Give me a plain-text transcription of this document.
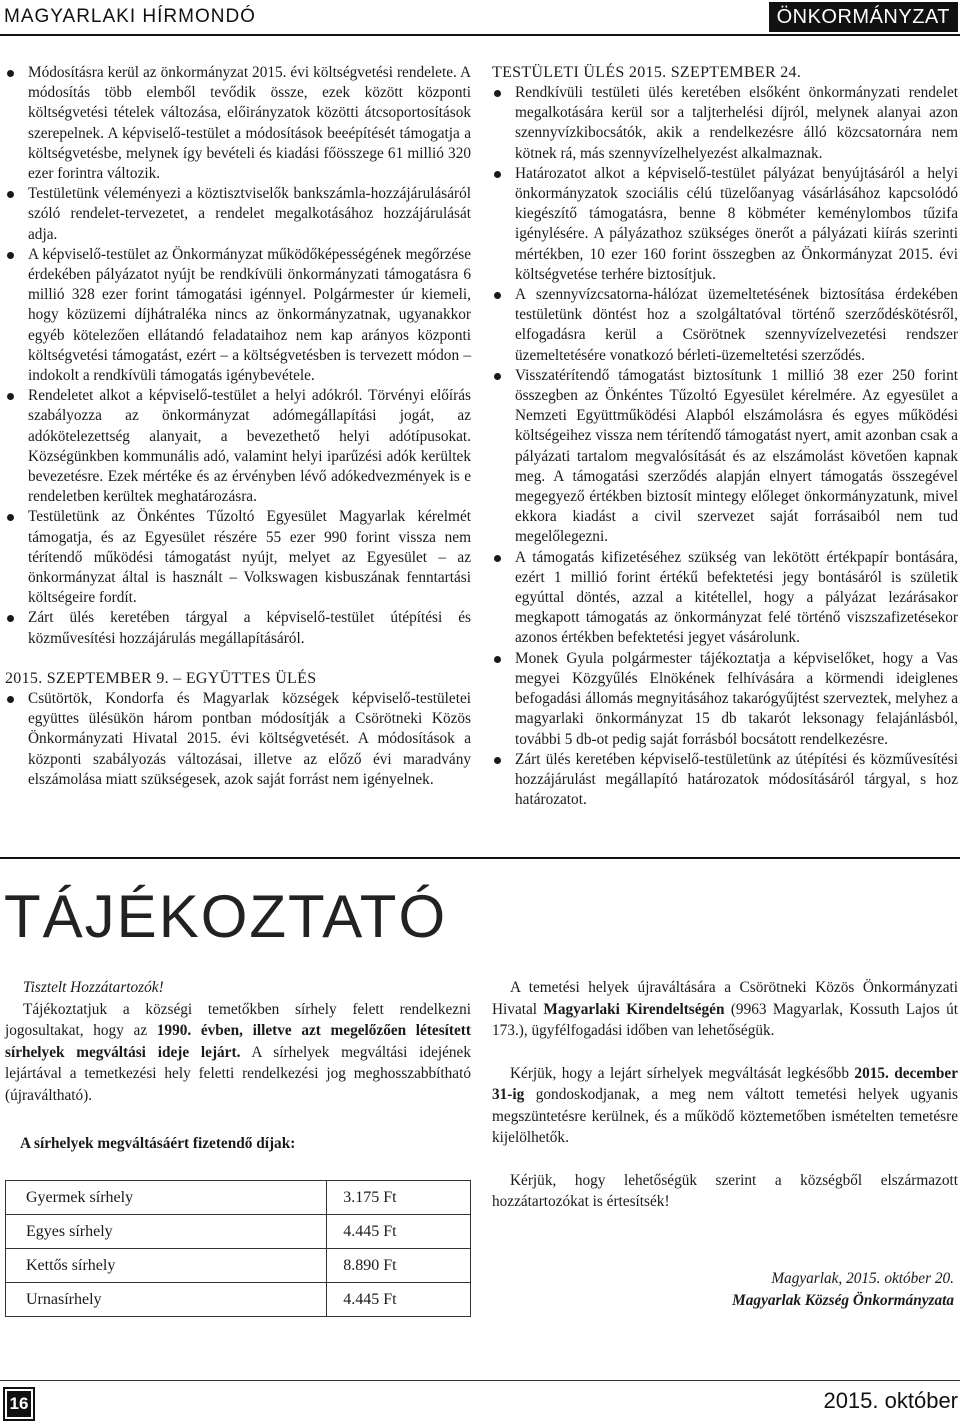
MAGYARLAKI HÍRMONDÓ	ÖNKORMÁNYZAT
Módosításra kerül az önkormányzat 2015. évi költségvetési rendelete. A módosítás több elemből tevődik össze, ezek között központi költségvetési tételek változása, előirányzatok közötti átcsoportosítások szerepelnek. A képviselő-testület a módosítások beeépítését támogatja a költségvetésbe, melynek így bevételi és kiadási főösszege 61 millió 320 ezer forintra változik.
Testületünk véleményezi a köztisztviselők bankszámla-hozzájárulásáról szóló rendelet-tervezetet, a rendelet megalkotásához hozzájárulását adja.
A képviselő-testület az Önkormányzat működőképességének megőrzése érdekében pályázatot nyújt be rendkívüli önkormányzati támogatásra 6 millió 328 ezer forint támogatási igénnyel. Polgármester úr kiemeli, hogy közüzemi díjhátraléka nincs az önkormányzatnak, ugyanakkor egyéb kötelezően ellátandó feladataihoz nem kap arányos központi költségvetési támogatást, ezért – a költségvetésben is tervezett módon – indokolt a rendkívüli támogatás igénybevétele.
Rendeletet alkot a képviselő-testület a helyi adókról. Törvényi előírás szabályozza az önkormányzat adómegállapítási jogát, az adókötelezettség alanyait, a bevezethető helyi adótípusokat. Községünkben kommunális adó, valamint helyi iparűzési adók kerültek bevezetésre. Ezek mértéke és az érvényben lévő adókedvezmények is e rendeletben kerültek meghatározásra.
Testületünk az Önkéntes Tűzoltó Egyesület Magyarlak kérelmét támogatja, és az Egyesület részére 55 ezer 990 forint vissza nem térítendő működési támogatást nyújt, melyet az Egyesület – az önkormányzat által is használt – Volkswagen kisbuszának fenntartási költségeire fordít.
Zárt ülés keretében tárgyal a képviselő-testület útépítési és közművesítési hozzájárulás megállapításáról.
2015. SZEPTEMBER 9. – EGYÜTTES ÜLÉS
Csütörtök, Kondorfa és Magyarlak községek képviselő-testületei együttes ülésükön három pontban módosítják a Csörötneki Közös Önkormányzati Hivatal 2015. évi költségvetését. A módosítások a központi szabályozás változásai, illetve az előző évi maradvány elszámolása miatt szükségesek, azok saját forrást nem igényelnek.
TESTÜLETI ÜLÉS 2015. SZEPTEMBER 24.
Rendkívüli testületi ülés keretében elsőként önkormányzati rendelet megalkotására kerül sor a taljterhelési díjról, melynek alanyai azon szennyvízkibocsátók, akik a rendelkezésre álló közcsatornára nem kötnek rá, más szennyvízelhelyezést alkalmaznak.
Határozatot alkot a képviselő-testület pályázat benyújtásáról a helyi önkormányzatok szociális célú tüzelőanyag vásárlásához kapcsolódó kiegészítő támogatásra, benne 8 köbméter keménylombos tűzifa igénylésére. A pályázathoz szükséges önerőt a pályázati kiírás szerinti mértékben, 10 ezer 160 forint összegben az Önkormányzat 2015. évi költségvetése terhére biztosítjuk.
A szennyvízcsatorna-hálózat üzemeltetésének biztosítása érdekében testületünk döntést hoz a szolgáltatóval történő szerződéskötésről, elfogadásra kerül a Csörötnek szennyvízelvezetési rendszer üzemeltetésére vonatkozó bérleti-üzemeltetési szerződés.
Visszatérítendő támogatást biztosítunk 1 millió 38 ezer 250 forint összegben az Önkéntes Tűzoltó Egyesület kérelmére. Az egyesület a Nemzeti Együttműködési Alapból elszámolásra és egyes működési költségeihez vissza nem térítendő támogatást nyert, amit azonban csak a pályázati tartalom megvalósítását és az elszámolást követően kapnak meg. A támogatási szerződés alapján elnyert támogatás összegével megegyező értékben biztosít mintegy előleget önkormányzatunk, mivel ekkora kiadást a civil szervezet saját forrásaiból nem tud megelőlegezni.
A támogatás kifizetéséhez szükség van lekötött értékpapír bontására, ezért 1 millió forint értékű befektetési jegy bontásáról is születik egyúttal döntés, azzal a kitétellel, hogy a pályázat lezárásakor megkapott támogatás az önkormányzat felé történő viszszafizetésekor azonos értékben befektetési jegyet vásárolunk.
Monek Gyula polgármester tájékoztatja a képviselőket, hogy a Vas megyei Közgyűlés Elnökének felhívására a körmendi ideiglenes befogadási állomás megnyitásához takarógyűjtést szerveztek, melyhez a magyarlaki önkormányzat 15 db takarót leksonagy felajánlásból, további 5 db-ot pedig saját forrásból bocsátott rendelkezésre.
Zárt ülés keretében képviselő-testületünk az útépítési és közművesítési hozzájárulást megállapító határozatok módosításáról tárgyal, s hoz határozatot.
TÁJÉKOZTATÓ

Tisztelt Hozzátartozók!

Tájékoztatjuk a községi temetőkben sírhely felett rendelkezni jogosultakat, hogy az 1990. évben, illetve azt megelőzően létesített sírhelyek megváltási ideje lejárt. A sírhelyek megváltási idejének lejártával a temetkezési hely feletti rendelkezési jog meghosszabbítható (újraváltható).

A sírhelyek megváltásáért fizetendő díjak:
Gyermek sírhely	3.175 Ft
Egyes sírhely	4.445 Ft
Kettős sírhely	8.890 Ft
Urnasírhely	4.445 Ft

A temetési helyek újraváltására a Csörötneki Közös Önkormányzati Hivatal Magyarlaki Kirendeltségén (9963 Magyarlak, Kossuth Lajos út 173.), ügyfélfogadási időben van lehetőségük.

Kérjük, hogy a lejárt sírhelyek megváltását legkésőbb 2015. december 31-ig gondoskodjanak, a meg nem váltott temetési helyek ugyanis megszüntetésre kerülnek, és a működő köztemetőben ismételten temetésre kijelölhetők.

Kérjük, hogy lehetőségük szerint a községből elszármazott hozzátartozókat is értesítsék!

Magyarlak, 2015. október 20.
Magyarlak Község Önkormányzata
16	2015. október
